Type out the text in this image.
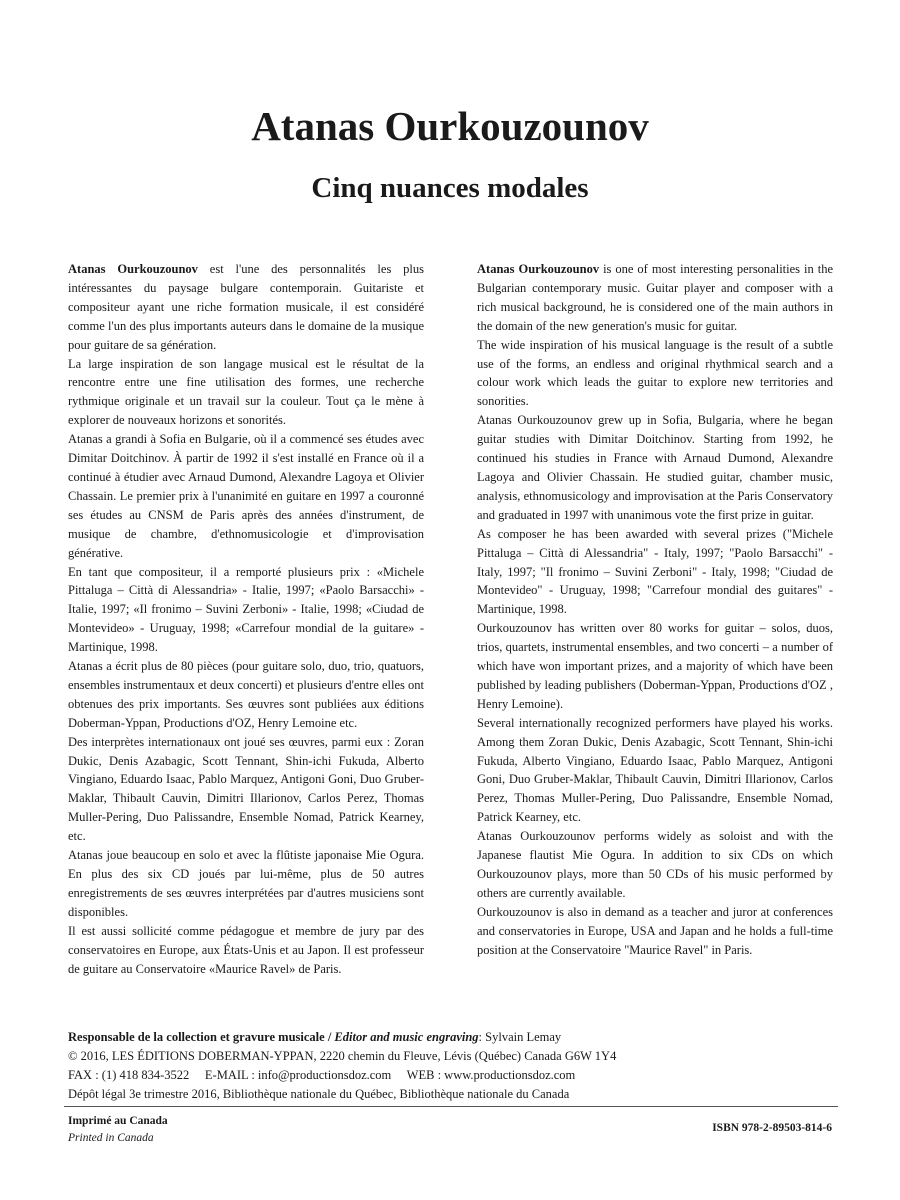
Atanas Ourkouzounov
Cinq nuances modales

Atanas Ourkouzounov est l'une des personnalités les plus intéressantes du paysage bulgare contemporain. Guitariste et compositeur ayant une riche formation musicale, il est considéré comme l'un des plus importants auteurs dans le domaine de la musique pour guitare de sa génération.

La large inspiration de son langage musical est le résultat de la rencontre entre une fine utilisation des formes, une recherche rythmique originale et un travail sur la couleur. Tout ça le mène à explorer de nouveaux horizons et sonorités.

Atanas a grandi à Sofia en Bulgarie, où il a commencé ses études avec Dimitar Doitchinov. À partir de 1992 il s'est installé en France où il a continué à étudier avec Arnaud Dumond, Alexandre Lagoya et Olivier Chassain. Le premier prix à l'unanimité en guitare en 1997 a couronné ses études au CNSM de Paris après des années d'instrument, de musique de chambre, d'ethnomusicologie et d'improvisation générative.

En tant que compositeur, il a remporté plusieurs prix : «Michele Pittaluga – Città di Alessandria» - Italie, 1997; «Paolo Barsacchi» - Italie, 1997; «Il fronimo – Suvini Zerboni» - Italie, 1998; «Ciudad de Montevideo» - Uruguay, 1998; «Carrefour mondial de la guitare» - Martinique, 1998.

Atanas a écrit plus de 80 pièces (pour guitare solo, duo, trio, quatuors, ensembles instrumentaux et deux concerti) et plusieurs d'entre elles ont obtenues des prix importants. Ses œuvres sont publiées aux éditions Doberman-Yppan, Productions d'OZ, Henry Lemoine etc.

Des interprètes internationaux ont joué ses œuvres, parmi eux : Zoran Dukic, Denis Azabagic, Scott Tennant, Shin-ichi Fukuda, Alberto Vingiano, Eduardo Isaac, Pablo Marquez, Antigoni Goni, Duo Gruber-Maklar, Thibault Cauvin, Dimitri Illarionov, Carlos Perez, Thomas Muller-Pering, Duo Palissandre, Ensemble Nomad, Patrick Kearney, etc.

Atanas joue beaucoup en solo et avec la flûtiste japonaise Mie Ogura. En plus des six CD joués par lui-même, plus de 50 autres enregistrements de ses œuvres interprétées par d'autres musiciens sont disponibles.

Il est aussi sollicité comme pédagogue et membre de jury par des conservatoires en Europe, aux États-Unis et au Japon. Il est professeur de guitare au Conservatoire «Maurice Ravel» de Paris.

Atanas Ourkouzounov is one of most interesting personalities in the Bulgarian contemporary music. Guitar player and composer with a rich musical background, he is considered one of the main authors in the domain of the new generation's music for guitar.

The wide inspiration of his musical language is the result of a subtle use of the forms, an endless and original rhythmical search and a colour work which leads the guitar to explore new territories and sonorities.

Atanas Ourkouzounov grew up in Sofia, Bulgaria, where he began guitar studies with Dimitar Doitchinov. Starting from 1992, he continued his studies in France with Arnaud Dumond, Alexandre Lagoya and Olivier Chassain. He studied guitar, chamber music, analysis, ethnomusicology and improvisation at the Paris Conservatory and graduated in 1997 with unanimous vote the first prize in guitar.

As composer he has been awarded with several prizes ("Michele Pittaluga – Città di Alessandria" - Italy, 1997; "Paolo Barsacchi" - Italy, 1997; "Il fronimo – Suvini Zerboni" - Italy, 1998; "Ciudad de Montevideo" - Uruguay, 1998; "Carrefour mondial des guitares" - Martinique, 1998.

Ourkouzounov has written over 80 works for guitar – solos, duos, trios, quartets, instrumental ensembles, and two concerti – a number of which have won important prizes, and a majority of which have been published by leading publishers (Doberman-Yppan, Productions d'OZ , Henry Lemoine).

Several internationally recognized performers have played his works. Among them Zoran Dukic, Denis Azabagic, Scott Tennant, Shin-ichi Fukuda, Alberto Vingiano, Eduardo Isaac, Pablo Marquez, Antigoni Goni, Duo Gruber-Maklar, Thibault Cauvin, Dimitri Illarionov, Carlos Perez, Thomas Muller-Pering, Duo Palissandre, Ensemble Nomad, Patrick Kearney, etc.

Atanas Ourkouzounov performs widely as soloist and with the Japanese flautist Mie Ogura. In addition to six CDs on which Ourkouzounov plays, more than 50 CDs of his music performed by others are currently available.

Ourkouzounov is also in demand as a teacher and juror at conferences and conservatories in Europe, USA and Japan and he holds a full-time position at the Conservatoire "Maurice Ravel" in Paris.

Responsable de la collection et gravure musicale / Editor and music engraving: Sylvain Lemay
© 2016, LES ÉDITIONS DOBERMAN-YPPAN, 2220 chemin du Fleuve, Lévis (Québec) Canada G6W 1Y4
FAX : (1) 418 834-3522     E-MAIL : info@productionsdoz.com     WEB : www.productionsdoz.com
Dépôt légal 3e trimestre 2016, Bibliothèque nationale du Québec, Bibliothèque nationale du Canada
Imprimé au Canada
Printed in Canada
ISBN 978-2-89503-814-6
